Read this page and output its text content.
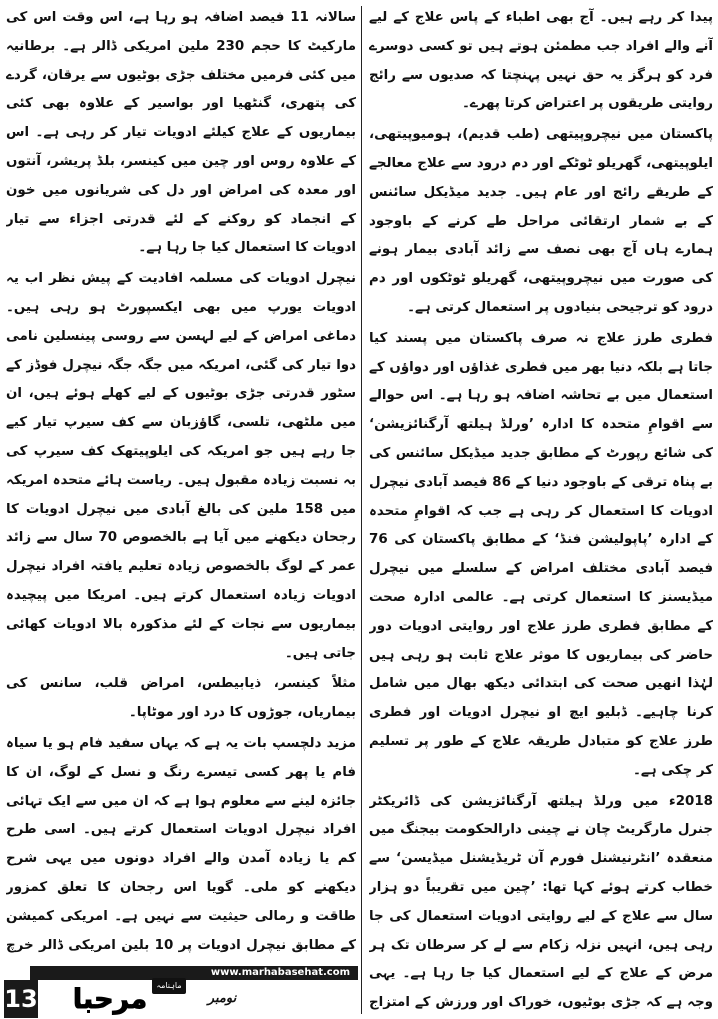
پیدا کر رہے ہیں۔ آج بھی اطباء کے پاس علاج کے لیے آنے والے افراد جب مطمئن ہوتے ہیں تو کسی دوسرے فرد کو ہرگز یہ حق نہیں پہنچتا کہ صدیوں سے رائج روایتی طریقوں پر اعتراض کرتا پھرے۔

پاکستان میں نیچروپیتھی (طب قدیم)، ہومیوپیتھی، ایلوپیتھی، گھریلو ٹوٹکے اور دم درود سے علاج معالجے کے طریقے رائج اور عام ہیں۔ جدید میڈیکل سائنس کے بے شمار ارتقائی مراحل طے کرنے کے باوجود ہمارے ہاں آج بھی نصف سے زائد آبادی بیمار ہونے کی صورت میں نیچروپیتھی، گھریلو ٹوٹکوں اور دم درود کو ترجیحی بنیادوں پر استعمال کرتی ہے۔

فطری طرز علاج نہ صرف پاکستان میں پسند کیا جاتا ہے بلکہ دنیا بھر میں فطری غذاؤں اور دواؤں کے استعمال میں بے تحاشہ اضافہ ہو رہا ہے۔ اس حوالے سے اقوامِ متحدہ کا ادارہ ’ورلڈ ہیلتھ آرگنائزیشن‘ کی شائع رپورٹ کے مطابق جدید میڈیکل سائنس کی بے پناہ ترقی کے باوجود دنیا کے 86 فیصد آبادی نیچرل ادویات کا استعمال کر رہی ہے جب کہ اقوامِ متحدہ کے ادارہ ’پاپولیشن فنڈ‘ کے مطابق پاکستان کی 76 فیصد آبادی مختلف امراض کے سلسلے میں نیچرل میڈیسنز کا استعمال کرتی ہے۔ عالمی ادارہ صحت کے مطابق فطری طرز علاج اور روایتی ادویات دور حاضر کی بیماریوں کا موثر علاج ثابت ہو رہی ہیں لہٰذا انھیں صحت کی ابتدائی دیکھ بھال میں شامل کرنا چاہیے۔ ڈبلیو ایچ او نیچرل ادویات اور فطری طرز علاج کو متبادل طریقہ علاج کے طور پر تسلیم کر چکی ہے۔

2018ء میں ورلڈ ہیلتھ آرگنائزیشن کی ڈائریکٹر جنرل مارگریٹ چان نے چینی دارالحکومت بیجنگ میں منعقدہ ’انٹرنیشنل فورم آن ٹریڈیشنل میڈیسن‘ سے خطاب کرتے ہوئے کہا تھا: ’چین میں تقریباً دو ہزار سال سے علاج کے لیے روایتی ادویات استعمال کی جا رہی ہیں، انہیں نزلہ زکام سے لے کر سرطان تک ہر مرض کے علاج کے لیے استعمال کیا جا رہا ہے۔ یہی وجہ ہے کہ جڑی بوٹیوں، خوراک اور ورزش کے امتزاج

سالانہ 11 فیصد اضافہ ہو رہا ہے، اس وقت اس کی مارکیٹ کا حجم 230 ملین امریکی ڈالر ہے۔ برطانیہ میں کئی فرمیں مختلف جڑی بوٹیوں سے یرقان، گردے کی پتھری، گنٹھیا اور بواسیر کے علاوہ بھی کئی بیماریوں کے علاج کیلئے ادویات تیار کر رہی ہے۔ اس کے علاوہ روس اور چین میں کینسر، بلڈ پریشر، آنتوں اور معدہ کی امراض اور دل کی شریانوں میں خون کے انجماد کو روکنے کے لئے قدرتی اجزاء سے تیار ادویات کا استعمال کیا جا رہا ہے۔

نیچرل ادویات کی مسلمہ افادیت کے پیش نظر اب یہ ادویات یورپ میں بھی ایکسپورٹ ہو رہی ہیں۔ دماغی امراض کے لیے لہسن سے روسی پینسلین نامی دوا تیار کی گئی، امریکہ میں جگہ جگہ نیچرل فوڈز کے سٹور قدرتی جڑی بوٹیوں کے لیے کھلے ہوئے ہیں، ان میں ملٹھی، تلسی، گاؤزبان سے کف سیرپ تیار کیے جا رہے ہیں جو امریکہ کی ایلوپیتھک کف سیرپ کی بہ نسبت زیادہ مقبول ہیں۔ ریاست ہائے متحدہ امریکہ میں 158 ملین کی بالغ آبادی میں نیچرل ادویات کا رجحان دیکھنے میں آیا ہے بالخصوص 70 سال سے زائد عمر کے لوگ بالخصوص زیادہ تعلیم یافتہ افراد نیچرل ادویات زیادہ استعمال کرتے ہیں۔ امریکا میں پیچیدہ بیماریوں سے نجات کے لئے مذکورہ بالا ادویات کھائی جاتی ہیں۔

مثلاً کینسر، ذیابیطس، امراض قلب، سانس کی بیماریاں، جوڑوں کا درد اور موٹاپا۔

مزید دلچسپ بات یہ ہے کہ یہاں سفید فام ہو یا سیاہ فام یا پھر کسی تیسرے رنگ و نسل کے لوگ، ان کا جائزہ لینے سے معلوم ہوا ہے کہ ان میں سے ایک تہائی افراد نیچرل ادویات استعمال کرتے ہیں۔ اسی طرح کم یا زیادہ آمدن والے افراد دونوں میں یہی شرح دیکھنے کو ملی۔ گویا اس رجحان کا تعلق کمزور طاقت و رمالی حیثیت سے نہیں ہے۔ امریکی کمیشن کے مطابق نیچرل ادویات پر 10 بلین امریکی ڈالر خرچ

www.marhabasehat.com
13	مرحبا	ماہنامہ
نومبر
